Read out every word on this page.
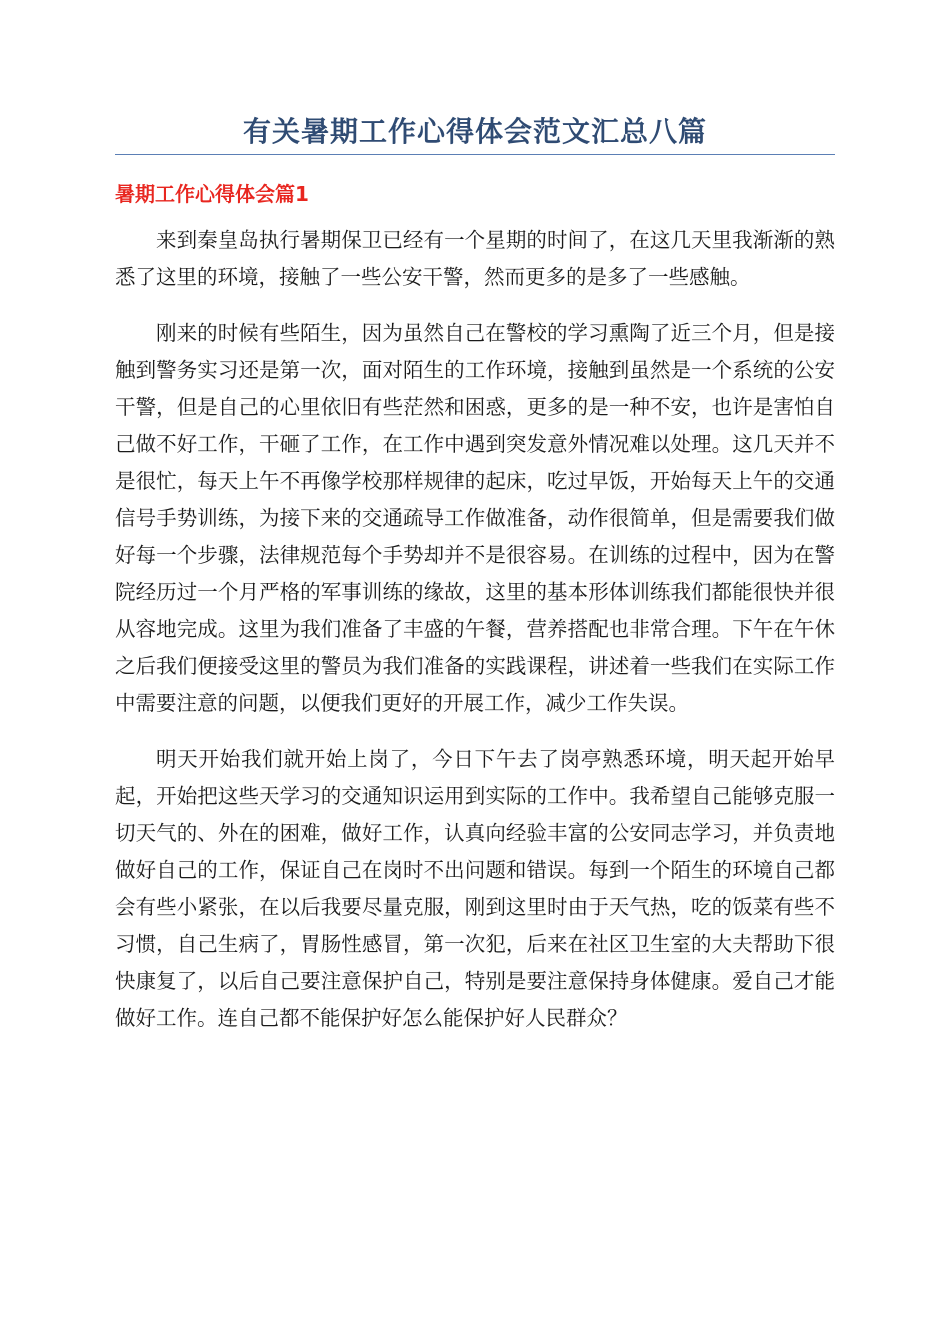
有关暑期工作心得体会范文汇总八篇
暑期工作心得体会篇1

来到秦皇岛执行暑期保卫已经有一个星期的时间了，在这几天里我渐渐的熟悉了这里的环境，接触了一些公安干警，然而更多的是多了一些感触。

刚来的时候有些陌生，因为虽然自己在警校的学习熏陶了近三个月，但是接触到警务实习还是第一次，面对陌生的工作环境，接触到虽然是一个系统的公安干警，但是自己的心里依旧有些茫然和困惑，更多的是一种不安，也许是害怕自己做不好工作，干砸了工作，在工作中遇到突发意外情况难以处理。这几天并不是很忙，每天上午不再像学校那样规律的起床，吃过早饭，开始每天上午的交通信号手势训练，为接下来的交通疏导工作做准备，动作很简单，但是需要我们做好每一个步骤，法律规范每个手势却并不是很容易。在训练的过程中，因为在警院经历过一个月严格的军事训练的缘故，这里的基本形体训练我们都能很快并很从容地完成。这里为我们准备了丰盛的午餐，营养搭配也非常合理。下午在午休之后我们便接受这里的警员为我们准备的实践课程，讲述着一些我们在实际工作中需要注意的问题，以便我们更好的开展工作，减少工作失误。

明天开始我们就开始上岗了，今日下午去了岗亭熟悉环境，明天起开始早起，开始把这些天学习的交通知识运用到实际的工作中。我希望自己能够克服一切天气的、外在的困难，做好工作，认真向经验丰富的公安同志学习，并负责地做好自己的工作，保证自己在岗时不出问题和错误。每到一个陌生的环境自己都会有些小紧张，在以后我要尽量克服，刚到这里时由于天气热，吃的饭菜有些不习惯，自己生病了，胃肠性感冒，第一次犯，后来在社区卫生室的大夫帮助下很快康复了，以后自己要注意保护自己，特别是要注意保持身体健康。爱自己才能做好工作。连自己都不能保护好怎么能保护好人民群众？
